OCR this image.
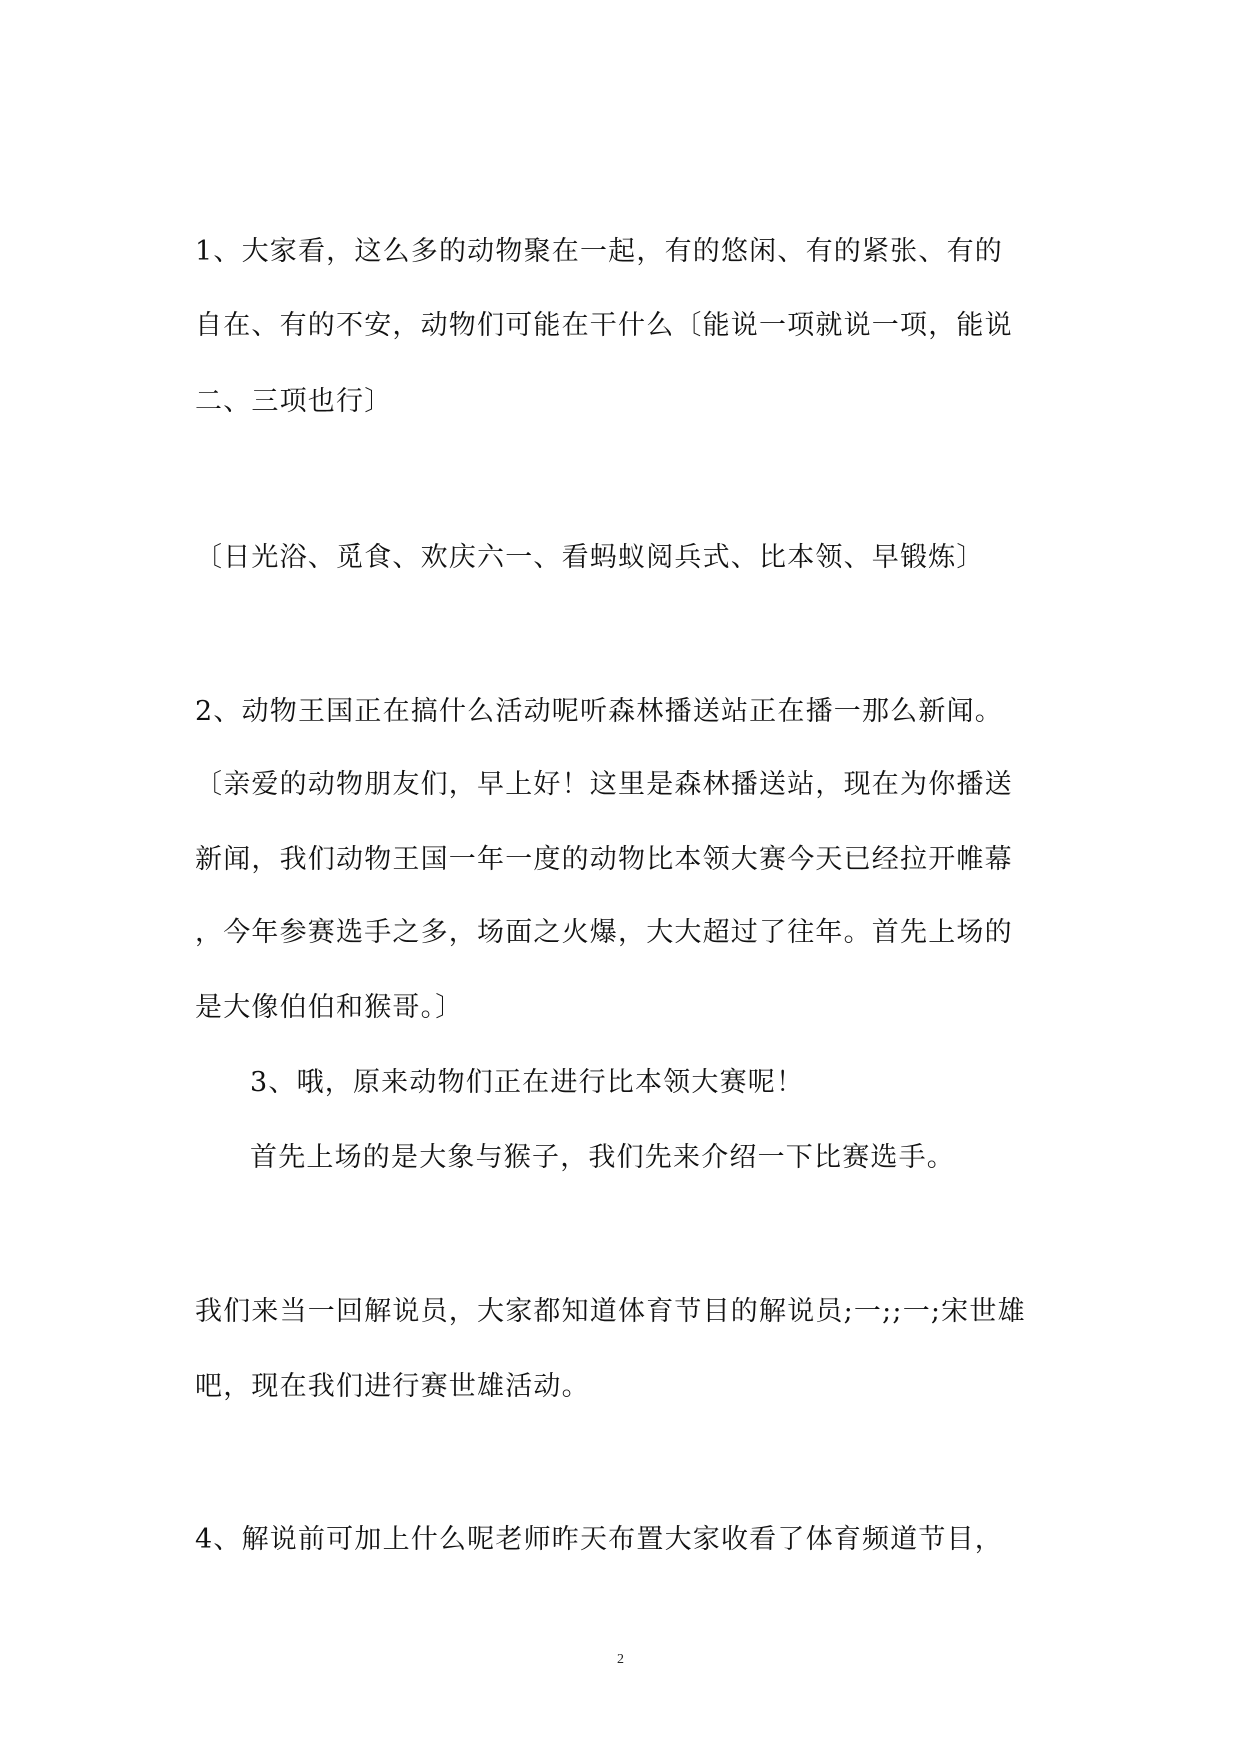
1、大家看，这么多的动物聚在一起，有的悠闲、有的紧张、有的
自在、有的不安，动物们可能在干什么〔能说一项就说一项，能说
二、三项也行〕
〔日光浴、觅食、欢庆六一、看蚂蚁阅兵式、比本领、早锻炼〕
2、动物王国正在搞什么活动呢听森林播送站正在播一那么新闻。
〔亲爱的动物朋友们，早上好！这里是森林播送站，现在为你播送
新闻，我们动物王国一年一度的动物比本领大赛今天已经拉开帷幕
，今年参赛选手之多，场面之火爆，大大超过了往年。首先上场的
是大像伯伯和猴哥。〕
3、哦，原来动物们正在进行比本领大赛呢！
首先上场的是大象与猴子，我们先来介绍一下比赛选手。
我们来当一回解说员，大家都知道体育节目的解说员;一;;一;宋世雄
吧，现在我们进行赛世雄活动。
4、解说前可加上什么呢老师昨天布置大家收看了体育频道节目，
2
